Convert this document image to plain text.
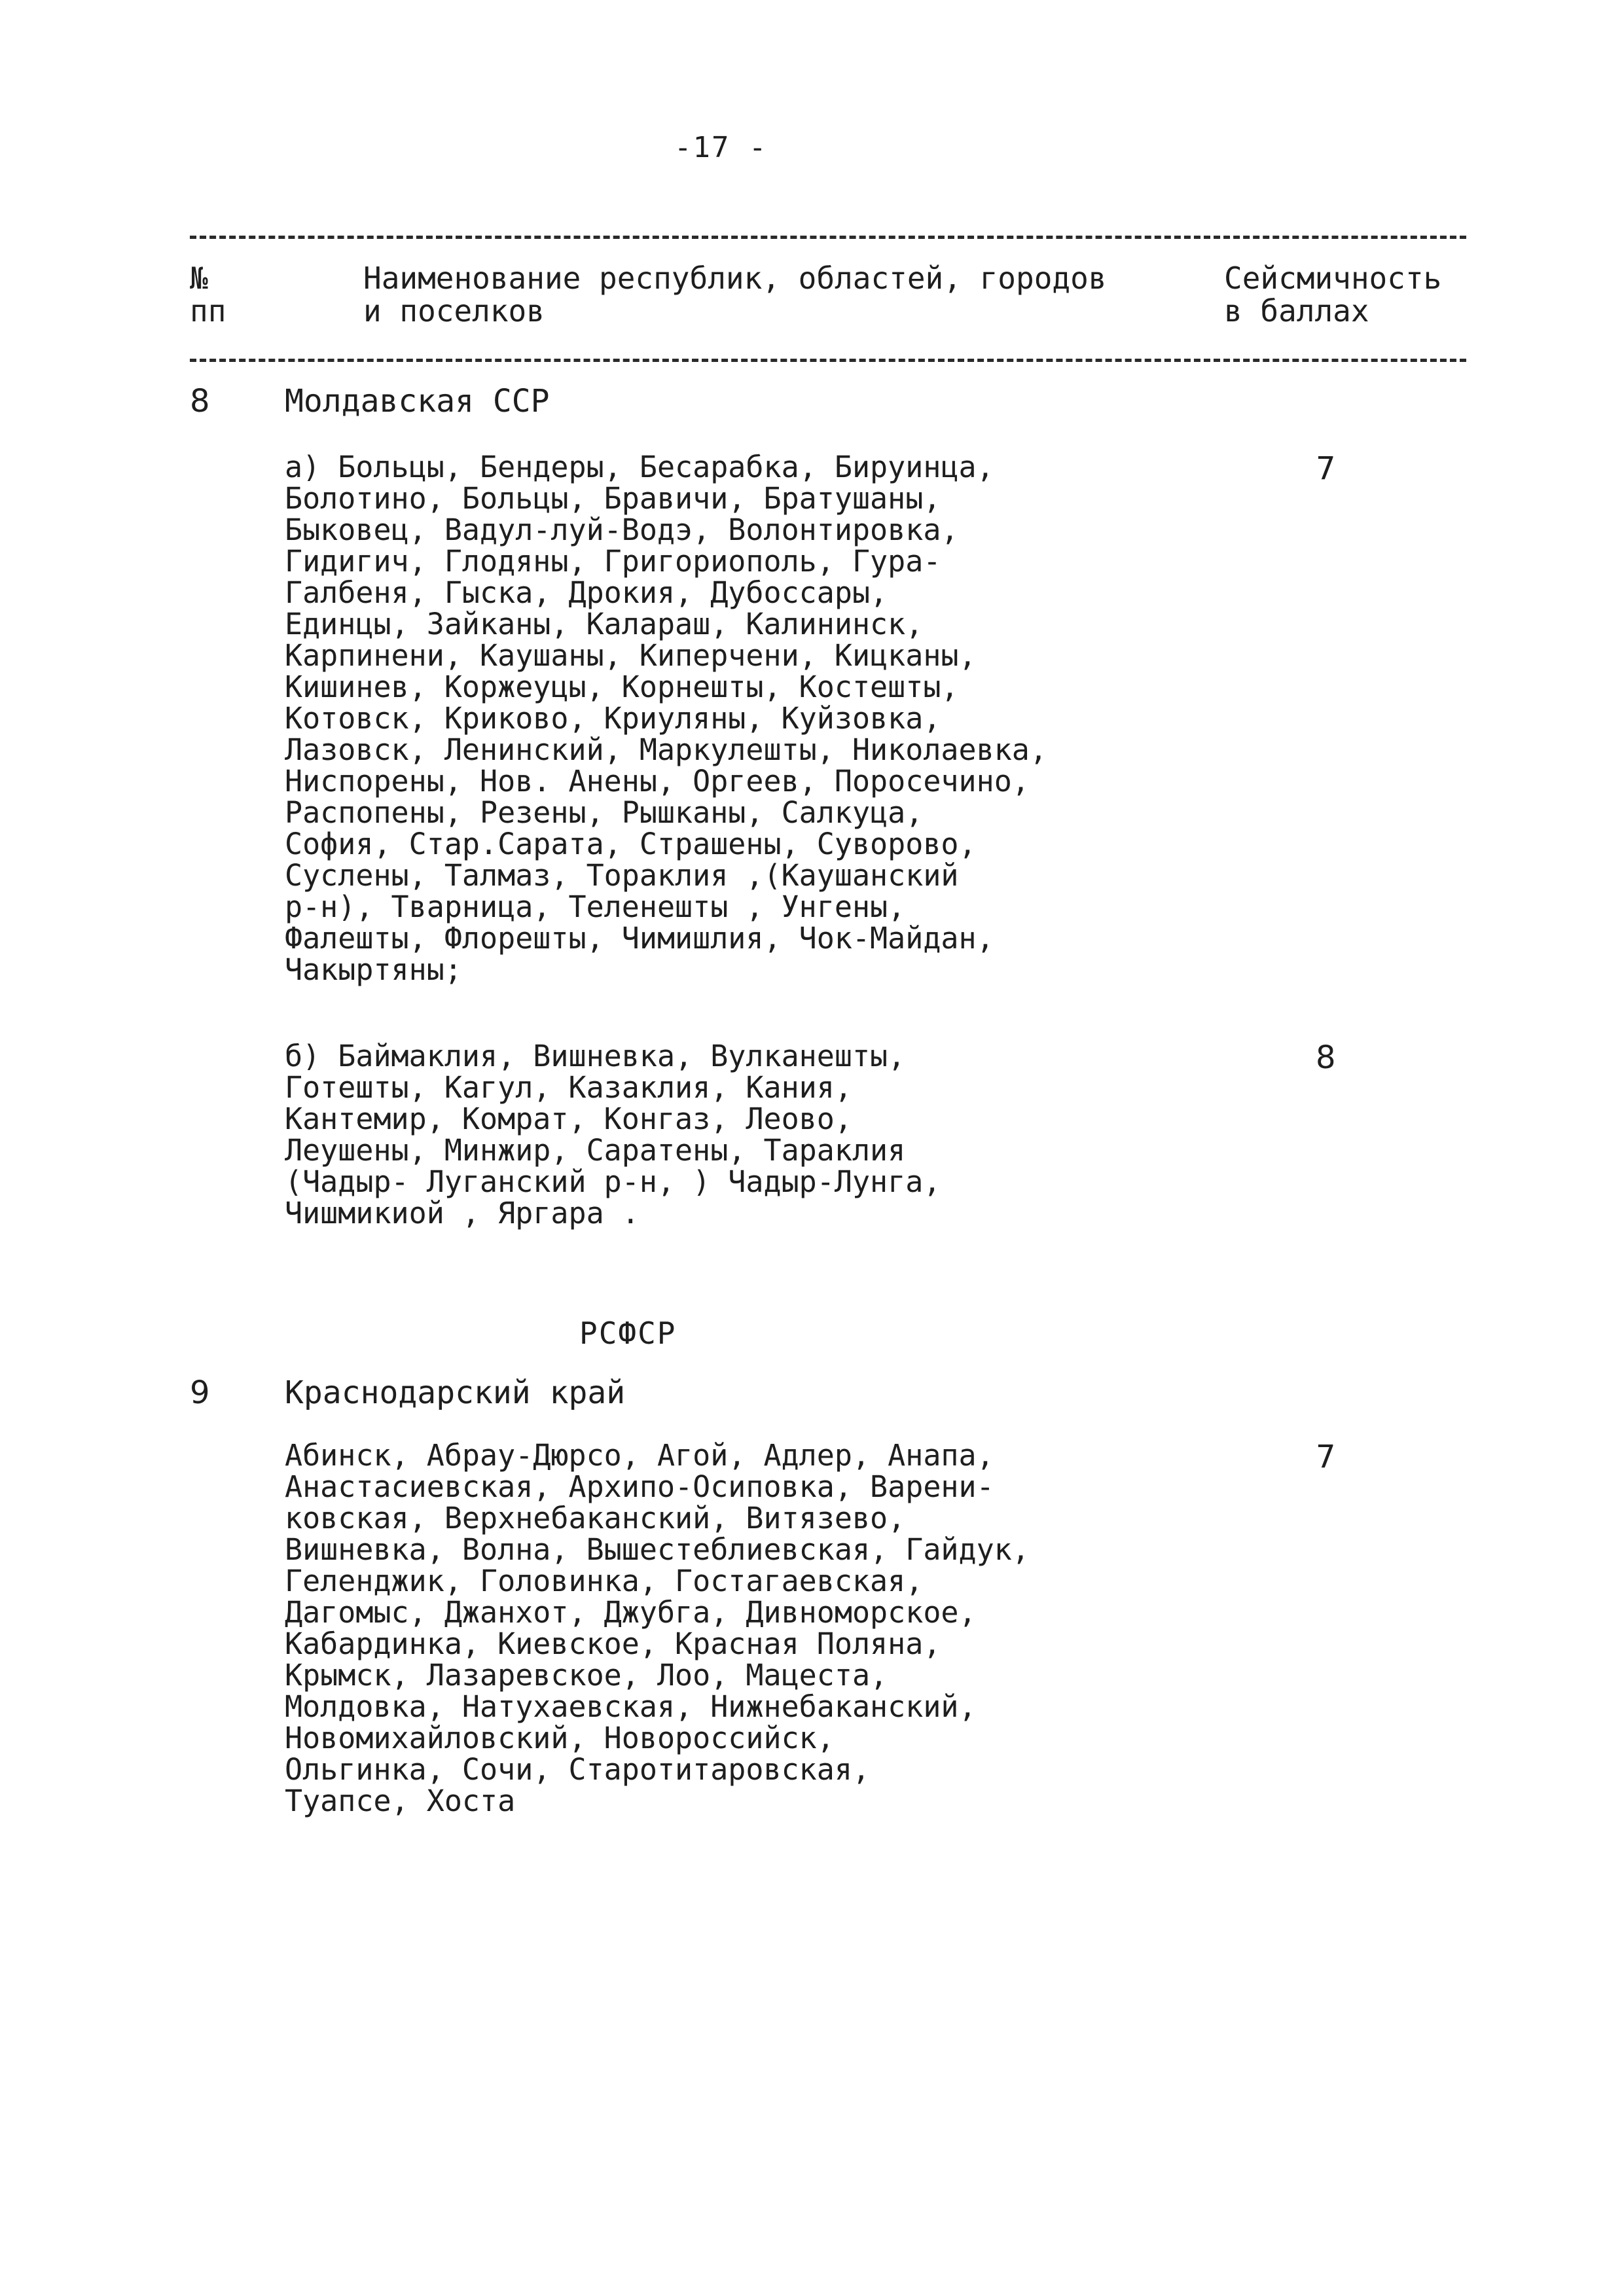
-17 -
№
пп
Наименование республик, областей, городов
и поселков
Сейсмичность
в баллах
8 Молдавская ССР
а) Больцы, Бендеры, Бесарабка, Бируинца,
Болотино, Больцы, Бравичи, Братушаны,
Быковец, Вадул-луй-Водэ, Волонтировка,
Гидигич, Глодяны, Григориополь, Гура-
Галбеня, Гыска, Дрокия, Дубоссары,
Единцы, Зайканы, Калараш, Калининск,
Карпинени, Каушаны, Киперчени, Кицканы,
Кишинев, Коржеуцы, Корнешты, Костешты,
Котовск, Криково, Криуляны, Куйзовка,
Лазовск, Ленинский, Маркулешты, Николаевка,
Ниспорены, Нов. Анены, Оргеев, Поросечино,
Распопены, Резены, Рышканы, Салкуца,
София, Стар.Сарата, Страшены, Суворово,
Суслены, Талмаз, Тораклия ,(Каушанский
р-н), Тварница, Теленешты , Унгены,
Фалешты, Флорешты, Чимишлия, Чок-Майдан,
Чакыртяны;
7
б) Баймаклия, Вишневка, Вулканешты,
Готешты, Кагул, Казаклия, Кания,
Кантемир, Комрат, Конгаз, Леово,
Леушены, Минжир, Саратены, Тараклия
(Чадыр- Луганский р-н, ) Чадыр-Лунга,
Чишмикиой , Яргара .
8
РСФСР
9 Краснодарский край
Абинск, Абрау-Дюрсо, Агой, Адлер, Анапа,
Анастасиевская, Архипо-Осиповка, Варени-
ковская, Верхнебаканский, Витязево,
Вишневка, Волна, Вышестеблиевская, Гайдук,
Геленджик, Головинка, Гостагаевская,
Дагомыс, Джанхот, Джубга, Дивноморское,
Кабардинка, Киевское, Красная Поляна,
Крымск, Лазаревское, Лоо, Мацеста,
Молдовка, Натухаевская, Нижнебаканский,
Новомихайловский, Новороссийск,
Ольгинка, Сочи, Старотитаровская,
Туапсе, Хоста
7
